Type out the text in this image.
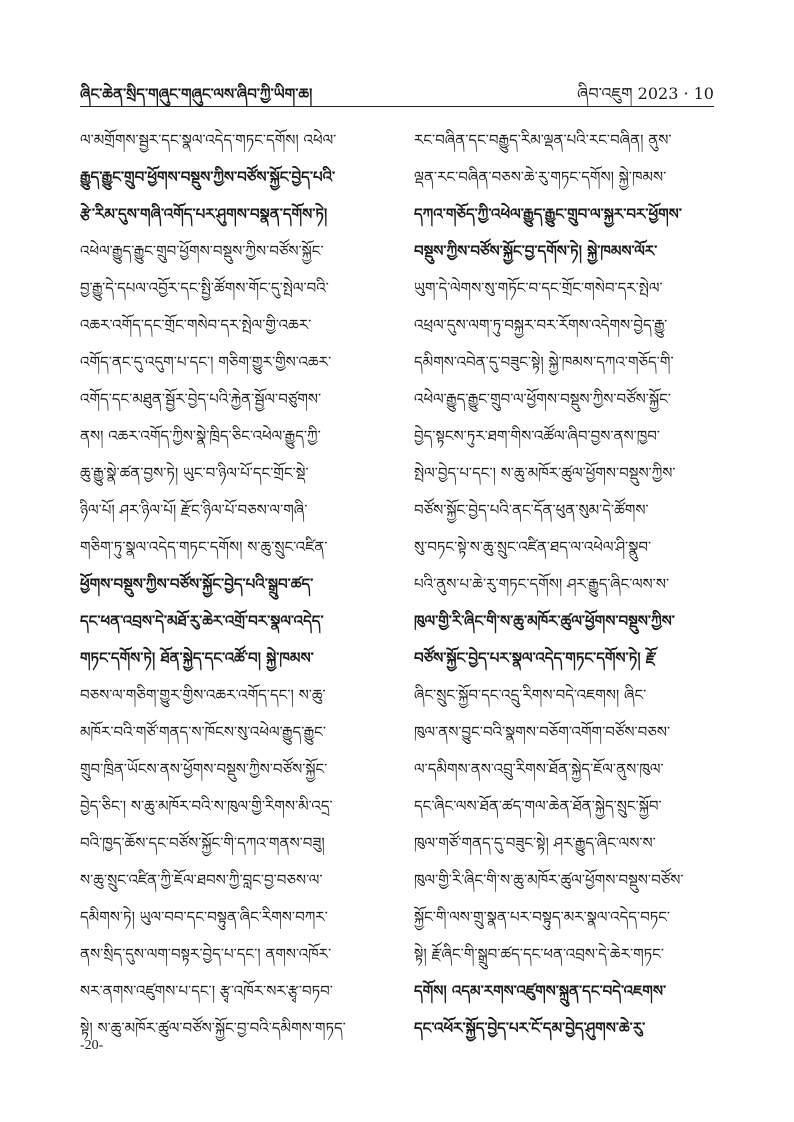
ཞིང་ཆེན་སྲིད་གཞུང་གཞུང་ལས་ཞིབ་ཀྱི་ཡིག་ཆ།	ཞིབ་འཇུག 2023 · 10
ལ་མགྲོགས་སྦྱར་དང་སྣལ་འདེད་གཏང་དགོས། འཕེལ་
རྒྱུད་རྒྱུང་གྲུབ་ཕྱོགས་བསྡུས་ཀྱིས་བཙོས་སྐྱོང་བྱེད་པའི་
རྩེ་རིམ་དུས་གཞི་འགོད་པར་ཤུགས་བསྣན་དགོས་ཏེ།
འཕེལ་རྒྱུད་རྒྱུང་གྲུབ་ཕྱོགས་བསྡུས་ཀྱིས་བཙོས་སྐྱོང་
བྱ་རྒྱུ་དེ་དཔལ་འབྱོར་དང་སྤྱི་ཚོགས་གོང་དུ་སྤེལ་བའི་
འཆར་འགོད་དང་གྲོང་གསེབ་དར་སྤེལ་གྱི་འཆར་
འགོད་ནང་དུ་འདུག་པ་དང་། གཅིག་གྱུར་གྱིས་འཆར་
འགོད་དང་མཐུན་སྦྱོར་བྱེད་པའི་རྐྱེན་སྦྱོལ་བཙུགས་
ནས། འཆར་འགོད་ཀྱིས་སྣེ་ཁྲིད་ཅིང་འཕེལ་རྒྱུད་ཀྱི་
ཆུ་རྒྱུ་སྣེ་ཚན་བྱས་ཏེ། ཡུང་བ་ཉིལ་པོ་དང་གྲོང་སྡེ་
ཉིལ་པོ། ཤར་ཉིལ་པོ། རྫོང་ཉིལ་པོ་བཅས་ལ་གཞི་
གཅིག་ཏུ་སྣལ་འདེད་གཏང་དགོས། ས་ཆུ་སྲུང་འཛིན་
ཕྱོགས་བསྡུས་ཀྱིས་བཙོས་སྐྱོང་བྱེད་པའི་སྒྲུབ་ཚད་
དང་ཕན་འབྲས་དེ་མཐོ་རུ་ཆེར་འགྲོ་བར་སྣལ་འདེད་
གཏང་དགོས་ཏེ། ཐོན་སྐྱེད་དང་འཚོ་བ། སྐྱེ་ཁམས་
བཅས་ལ་གཅིག་གྱུར་གྱིས་འཆར་འགོད་དང་། ས་ཆུ་
མཁོར་བའི་གཙོ་གནད་ས་ཁོངས་སུ་འཕེལ་རྒྱུད་རྒྱུང་
གྲུབ་ཁྲིན་ཡོངས་ནས་ཕྱོགས་བསྡུས་ཀྱིས་བཙོས་སྐྱོང་
བྱེད་ཅིང་། ས་ཆུ་མཁོར་བའི་ས་ཁུལ་གྱི་རིགས་མི་འདྲ་
བའི་ཁྱད་ཆོས་དང་བཙོས་སྐྱོང་གི་དཀའ་གནས་བཟུ།
ས་ཆུ་སྲུང་འཛིན་ཀྱི་ཇོལ་ཐབས་ཀྱི་བླང་བྱ་བཅས་ལ་
དམིགས་ཏེ། ཡུལ་བབ་དང་བསྟུན་ཞིང་རིགས་བཀར་
ནས་སྲིད་དུས་ལག་བསྟར་བྱེད་པ་དང་། ནགས་འཁོར་
སར་ནགས་འཛུགས་པ་དང་། རྩྭ་འཁོར་སར་རྩྭ་བཏབ་
སྟེ། ས་ཆུ་མཁོར་ཚུལ་བཙོས་སྐྱོང་བྱ་བའི་དམིགས་གཏད་
རང་བཞིན་དང་བརྒྱུད་རིམ་ལྡན་པའི་རང་བཞིན། ནུས་
ལྡན་རང་བཞིན་བཅས་ཆེ་རུ་གཏང་དགོས། སྐྱེ་ཁམས་
དཀའ་གཅོད་ཀྱི་འཕེལ་རྒྱུད་རྒྱུང་གྲུབ་ལ་སྐྱར་བར་ཕྱོགས་
བསྡུས་ཀྱིས་བཙོས་སྐྱོང་བྱ་དགོས་ཏེ། སྐྱེ་ཁམས་ལོར་
ཡུག་དེ་ལེགས་སུ་གཏོང་བ་དང་གྲོང་གསེབ་དར་སྤེལ་
འཕྲལ་དུས་ལག་ཏུ་བསྐྱར་བར་རོགས་འདེགས་བྱེད་རྒྱུ་
དམིགས་འབེན་དུ་བཟུང་སྟེ། སྐྱེ་ཁམས་དཀའ་གཅོད་གི་
འཕེལ་རྒྱུད་རྒྱུང་གྲུབ་ལ་ཕྱོགས་བསྡུས་ཀྱིས་བཙོས་སྐྱོང་
བྱེད་སྟངས་ཏུར་ཐག་གིས་འཚོལ་ཞིབ་བྱས་ནས་ཁྱབ་
སྤེལ་བྱེད་པ་དང་། ས་ཆུ་མཁོར་ཚུལ་ཕྱོགས་བསྡུས་ཀྱིས་
བཙོས་སྐྱོང་བྱེད་པའི་ནང་དོན་ཕུན་སུམ་དེ་ཚོགས་
སུ་བཏང་སྟེ་ས་ཆུ་སྲུང་འཛིན་ཐད་ལ་འཕེལ་ཤི་སྣུབ་
པའི་ནུས་པ་ཆེ་རུ་གཏང་དགོས། ཤར་རྒྱུད་ཞིང་ལས་ས་
ཁུལ་གྱི་རི་ཞིང་གི་ས་ཆུ་མཁོར་ཚུལ་ཕྱོགས་བསྡུས་ཀྱིས་
བཙོས་སྐྱོང་བྱེད་པར་སྣལ་འདེད་གཏང་དགོས་ཏེ། རྗོ་
ཞིང་སྲུང་སྐྱོབ་དང་འདྲུ་རིགས་བདེ་འཇགས། ཞིང་
ཁུལ་ནས་བྱུང་བའི་སྣགས་བཅོག་འགོག་བཙོས་བཅས་
ལ་དམིགས་ནས་འབྲུ་རིགས་ཐོན་སྐྱེད་ཇོལ་ནུས་ཁུལ་
དང་ཞིང་ལས་ཐོན་ཚད་གལ་ཆེན་ཐོན་སྐྱེད་སྲུང་སྐྱོབ་
ཁུལ་གཙོ་གནད་དུ་བཟུང་སྟེ། ཤར་རྒྱུད་ཞིང་ལས་ས་
ཁུལ་གྱི་རི་ཞིང་གི་ས་ཆུ་མཁོར་ཚུལ་ཕྱོགས་བསྡུས་བཙོས་
སྐྱོང་གི་ལས་གྲུ་སྣན་པར་བསྟུད་མར་སྣལ་འདེད་བཏང་
སྟེ། རྗོ་ཞིང་གི་སྒྲུབ་ཚད་དང་ཕན་འབྲས་དེ་ཆེར་གཏང་
དགོས། འདམ་རགས་འཛུགས་སྐྲུན་དང་བདེ་འཇགས་
དང་འཕོར་སྐྱོད་བྱེད་པར་ངོ་དམ་བྱེད་ཤུགས་ཆེ་རུ་
-20-
